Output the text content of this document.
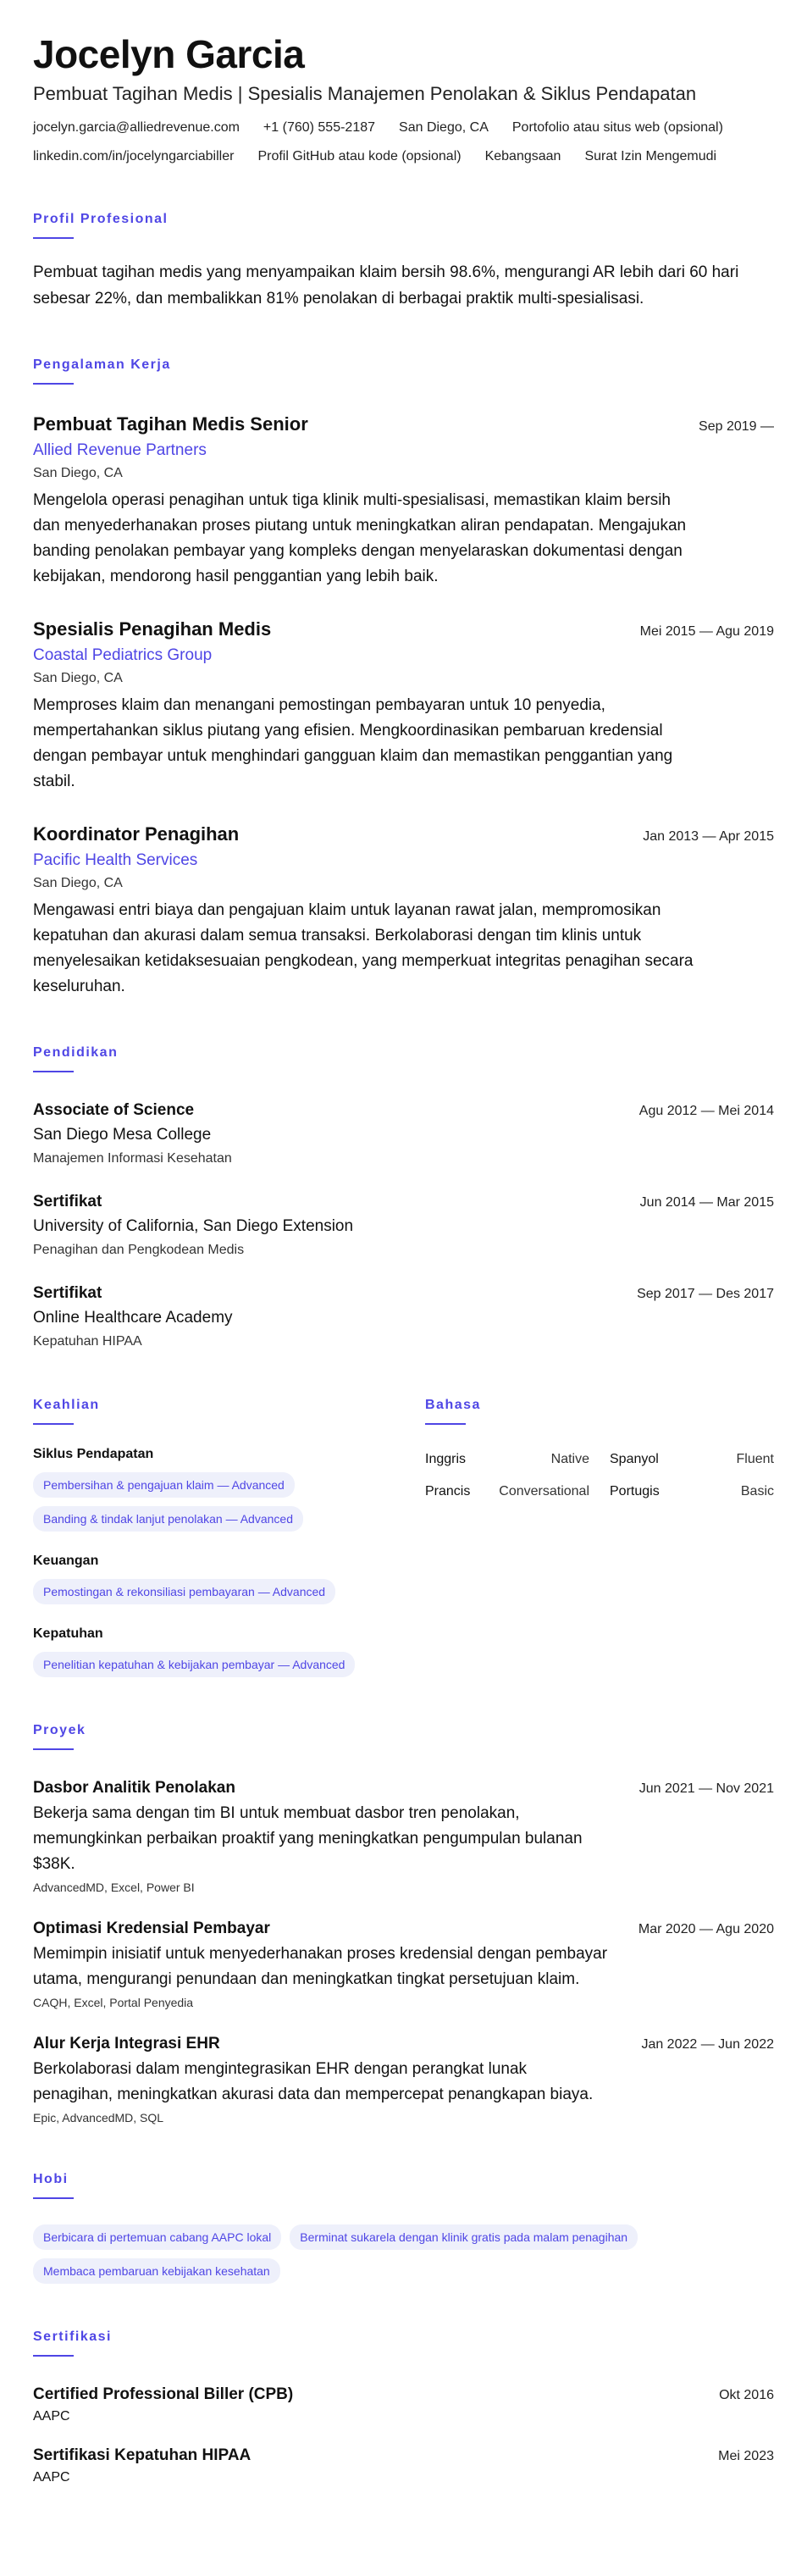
Jocelyn Garcia
Pembuat Tagihan Medis | Spesialis Manajemen Penolakan & Siklus Pendapatan
jocelyn.garcia@alliedrevenue.com +1 (760) 555-2187 San Diego, CA Portofolio atau situs web (opsional)
linkedin.com/in/jocelyngarciabiller Profil GitHub atau kode (opsional) Kebangsaan Surat Izin Mengemudi
Profil Profesional

Pembuat tagihan medis yang menyampaikan klaim bersih 98.6%, mengurangi AR lebih dari 60 hari sebesar 22%, dan membalikkan 81% penolakan di berbagai praktik multi-spesialisasi.

Pengalaman Kerja
Pembuat Tagihan Medis Senior	Sep 2019 —
Allied Revenue Partners
San Diego, CA

Mengelola operasi penagihan untuk tiga klinik multi-spesialisasi, memastikan klaim bersih dan menyederhanakan proses piutang untuk meningkatkan aliran pendapatan. Mengajukan banding penolakan pembayar yang kompleks dengan menyelaraskan dokumentasi dengan kebijakan, mendorong hasil penggantian yang lebih baik.

Spesialis Penagihan Medis	Mei 2015 — Agu 2019
Coastal Pediatrics Group
San Diego, CA

Memproses klaim dan menangani pemostingan pembayaran untuk 10 penyedia, mempertahankan siklus piutang yang efisien. Mengkoordinasikan pembaruan kredensial dengan pembayar untuk menghindari gangguan klaim dan memastikan penggantian yang stabil.

Koordinator Penagihan	Jan 2013 — Apr 2015
Pacific Health Services
San Diego, CA

Mengawasi entri biaya dan pengajuan klaim untuk layanan rawat jalan, mempromosikan kepatuhan dan akurasi dalam semua transaksi. Berkolaborasi dengan tim klinis untuk menyelesaikan ketidaksesuaian pengkodean, yang memperkuat integritas penagihan secara keseluruhan.

Pendidikan
Associate of Science	Agu 2012 — Mei 2014
San Diego Mesa College
Manajemen Informasi Kesehatan
Sertifikat	Jun 2014 — Mar 2015
University of California, San Diego Extension
Penagihan dan Pengkodean Medis
Sertifikat	Sep 2017 — Des 2017
Online Healthcare Academy
Kepatuhan HIPAA
Keahlian
Siklus Pendapatan
Pembersihan & pengajuan klaim — Advanced
Banding & tindak lanjut penolakan — Advanced
Keuangan
Pemostingan & rekonsiliasi pembayaran — Advanced
Kepatuhan
Penelitian kepatuhan & kebijakan pembayar — Advanced
Bahasa
Inggris	Native Spanyol	Fluent
Prancis Conversational Portugis	Basic
Proyek
Dasbor Analitik Penolakan	Jun 2021 — Nov 2021

Bekerja sama dengan tim BI untuk membuat dasbor tren penolakan, memungkinkan perbaikan proaktif yang meningkatkan pengumpulan bulanan $38K.

AdvancedMD, Excel, Power BI
Optimasi Kredensial Pembayar	Mar 2020 — Agu 2020

Memimpin inisiatif untuk menyederhanakan proses kredensial dengan pembayar utama, mengurangi penundaan dan meningkatkan tingkat persetujuan klaim.

CAQH, Excel, Portal Penyedia
Alur Kerja Integrasi EHR	Jan 2022 — Jun 2022

Berkolaborasi dalam mengintegrasikan EHR dengan perangkat lunak penagihan, meningkatkan akurasi data dan mempercepat penangkapan biaya.

Epic, AdvancedMD, SQL
Hobi
Berbicara di pertemuan cabang AAPC lokal	Berminat sukarela dengan klinik gratis pada malam penagihan
Membaca pembaruan kebijakan kesehatan
Sertifikasi
Certified Professional Biller (CPB)	Okt 2016
AAPC
Sertifikasi Kepatuhan HIPAA	Mei 2023
AAPC
